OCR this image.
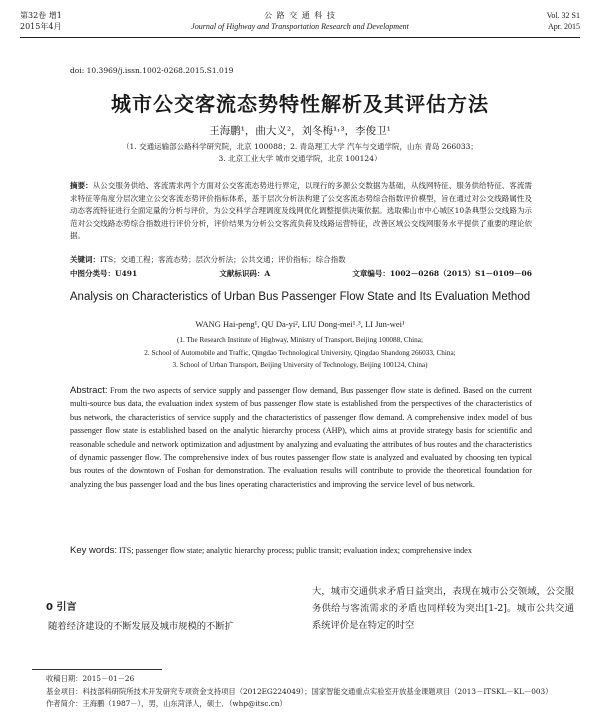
第32卷 增1
2015年4月
公 路 交 通 科 技
Journal of Highway and Transportation Research and Development
Vol. 32 S1
Apr. 2015
doi: 10.3969/j.issn.1002-0268.2015.S1.019
城市公交客流态势特性解析及其评估方法
王海鹏¹，曲大义²，刘冬梅¹˒³，李俊卫¹
（1. 交通运输部公路科学研究院，北京 100088；2. 青岛理工大学 汽车与交通学院，山东 青岛 266033；
3. 北京工业大学 城市交通学院，北京 100124）
摘要：从公交服务供给、客流需求两个方面对公交客流态势进行界定，以现行的多源公交数据为基础，从线网特征、服务供给特征、客流需求特征等角度分层次建立公交客流态势评价指标体系，基于层次分析法构建了公交客流态势综合指数评价模型，旨在通过对公交线路属性及动态客流特征进行全面定量的分析与评价，为公交科学合理调度及线网优化调整提供决策依据。选取佛山市中心城区10条典型公交线路为示范对公交线路态势综合指数进行评价分析，评价结果为分析公交客流负荷及线路运营特征，改善区域公交线网服务水平提供了重要的理论依据。
关键词：ITS；交通工程；客流态势；层次分析法；公共交通；评价指标；综合指数
中图分类号：U491	文献标识码：A	文章编号：1002－0268（2015）S1－0109－06
Analysis on Characteristics of Urban Bus Passenger Flow State and Its Evaluation Method
WANG Hai-peng¹, QU Da-yi², LIU Dong-mei¹˒³, LI Jun-wei¹
(1. The Research Institute of Highway, Ministry of Transport, Beijing 100088, China;
2. School of Automobile and Traffic, Qingdao Technological University, Qingdao Shandong 266033, China;
3. School of Urban Transport, Beijing University of Technology, Beijing 100124, China)
Abstract: From the two aspects of service supply and passenger flow demand, Bus passenger flow state is defined. Based on the current multi-source bus data, the evaluation index system of bus passenger flow state is established from the perspectives of the characteristics of bus network, the characteristics of service supply and the characteristics of passenger flow demand. A comprehensive index model of bus passenger flow state is established based on the analytic hierarchy process (AHP), which aims at provide strategy basis for scientific and reasonable schedule and network optimization and adjustment by analyzing and evaluating the attributes of bus routes and the characteristics of dynamic passenger flow. The comprehensive index of bus routes passenger flow state is analyzed and evaluated by choosing ten typical bus routes of the downtown of Foshan for demonstration. The evaluation results will contribute to provide the theoretical foundation for analyzing the bus passenger load and the bus lines operating characteristics and improving the service level of bus network.
Key words: ITS; passenger flow state; analytic hierarchy process; public transit; evaluation index; comprehensive index
0 引言
随着经济建设的不断发展及城市规模的不断扩
大，城市交通供求矛盾日益突出，表现在城市公交领域，公交服务供给与客流需求的矛盾也同样较为突出[1-2]。城市公共交通系统评价是在特定的时空
收稿日期：2015－01－26
基金项目：科技部科研院所技术开发研究专项资金支持项目（2012EG224049）；国家智能交通重点实验室开放基金课题项目（2013－ITSKL－KL－003）
作者简介：王海鹏（1987－），男，山东菏泽人，硕士．（whp@itsc.cn）
